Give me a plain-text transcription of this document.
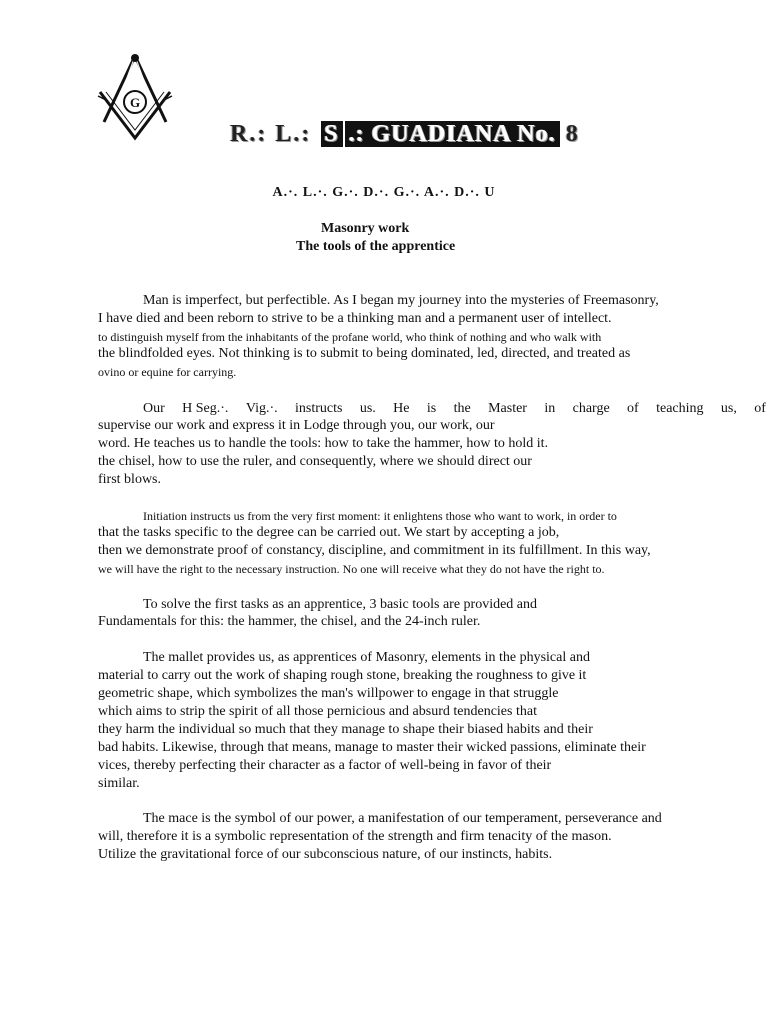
G
R.: L.: S .: GUADIANA No. 8
A.·. L.·. G.·. D.·. G.·. A.·. D.·. U
Masonry work
The tools of the apprentice
Man is imperfect, but perfectible. As I began my journey into the mysteries of Freemasonry,
I have died and been reborn to strive to be a thinking man and a permanent user of intellect.
to distinguish myself from the inhabitants of the profane world, who think of nothing and who walk with
the blindfolded eyes. Not thinking is to submit to being dominated, led, directed, and treated as
ovino or equine for carrying.
Our H Seg.·. Vig.·. instructs us. He is the Master in charge of teaching us, of
supervise our work and express it in Lodge through you, our work, our
word. He teaches us to handle the tools: how to take the hammer, how to hold it.
the chisel, how to use the ruler, and consequently, where we should direct our
first blows.
Initiation instructs us from the very first moment: it enlightens those who want to work, in order to
that the tasks specific to the degree can be carried out. We start by accepting a job,
then we demonstrate proof of constancy, discipline, and commitment in its fulfillment. In this way,
we will have the right to the necessary instruction. No one will receive what they do not have the right to.
To solve the first tasks as an apprentice, 3 basic tools are provided and
Fundamentals for this: the hammer, the chisel, and the 24-inch ruler.
The mallet provides us, as apprentices of Masonry, elements in the physical and
material to carry out the work of shaping rough stone, breaking the roughness to give it
geometric shape, which symbolizes the man's willpower to engage in that struggle
which aims to strip the spirit of all those pernicious and absurd tendencies that
they harm the individual so much that they manage to shape their biased habits and their
bad habits. Likewise, through that means, manage to master their wicked passions, eliminate their
vices, thereby perfecting their character as a factor of well-being in favor of their
similar.
The mace is the symbol of our power, a manifestation of our temperament, perseverance and
will, therefore it is a symbolic representation of the strength and firm tenacity of the mason.
Utilize the gravitational force of our subconscious nature, of our instincts, habits.
